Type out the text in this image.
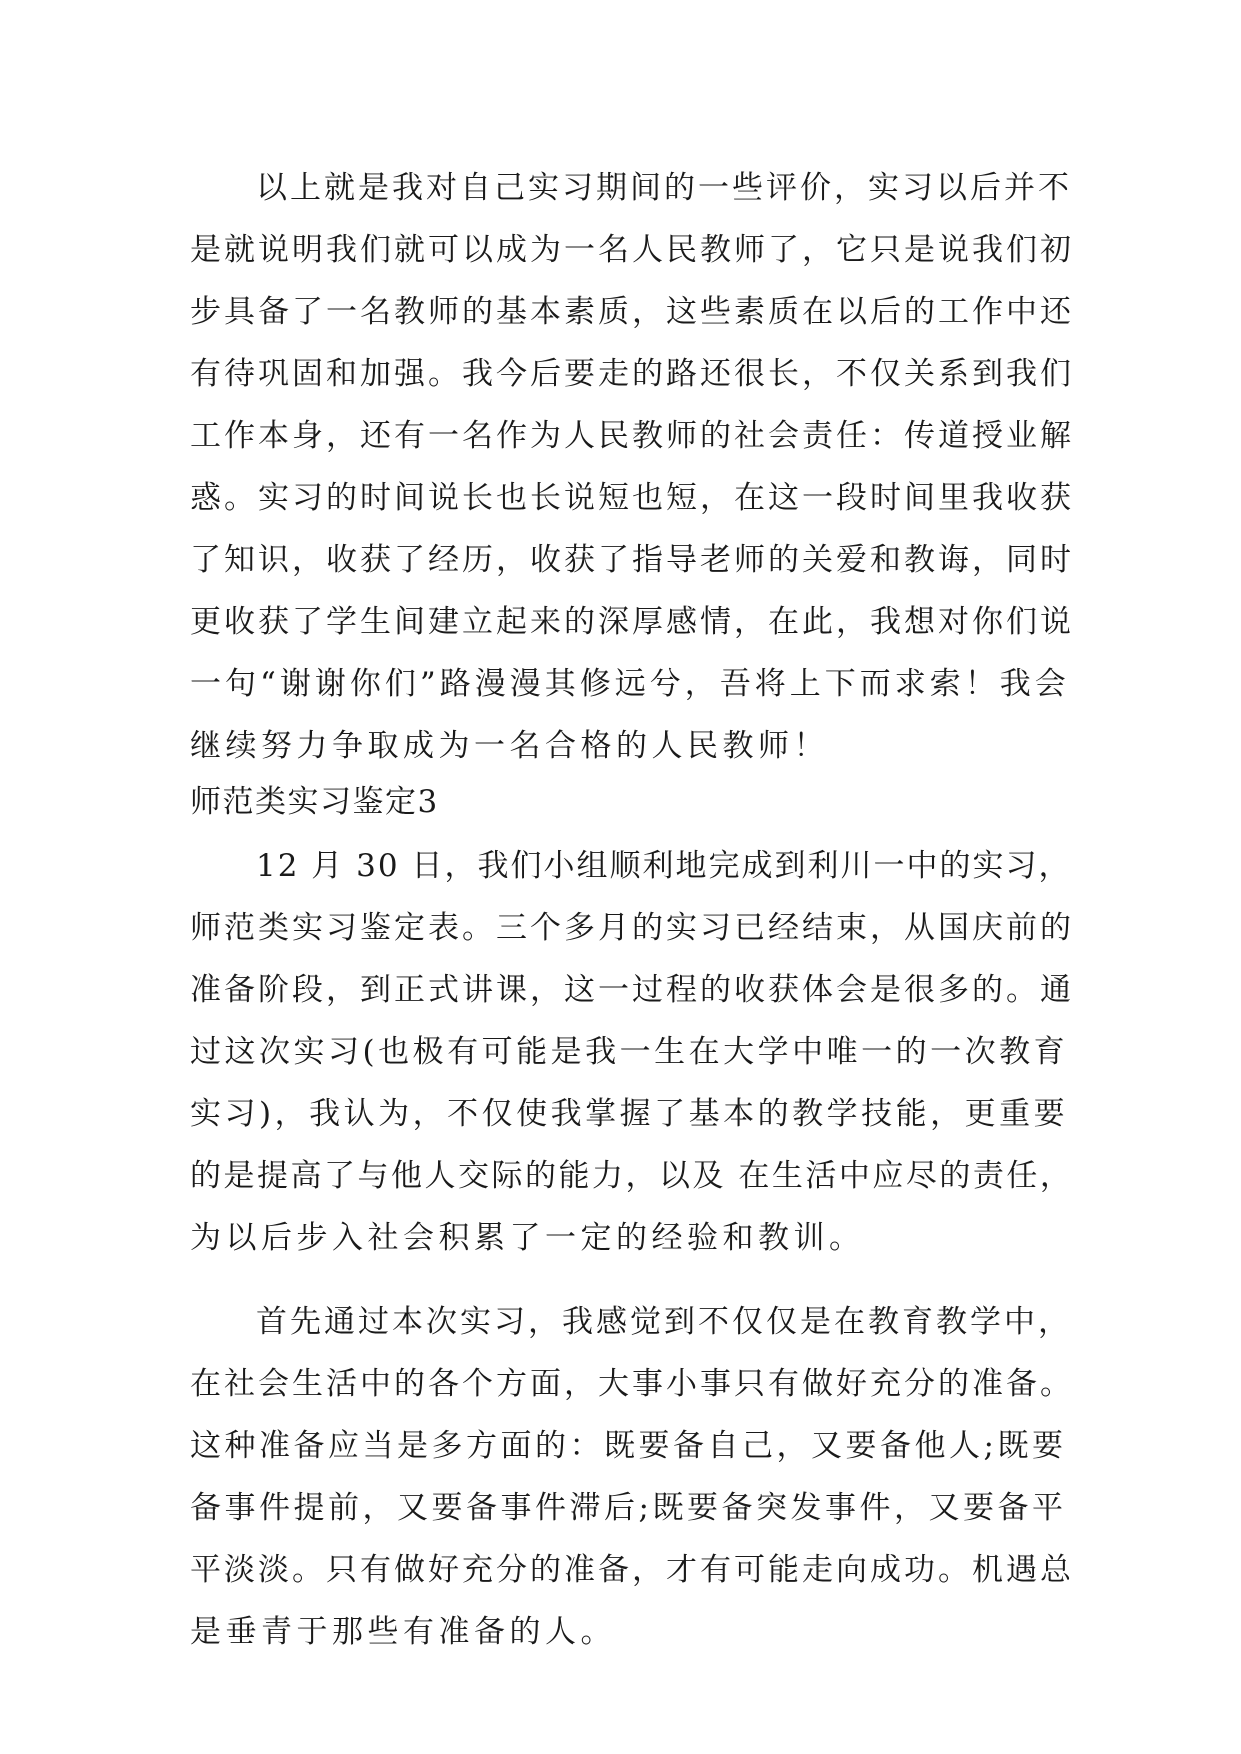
以上就是我对自己实习期间的一些评价，实习以后并不
是就说明我们就可以成为一名人民教师了，它只是说我们初
步具备了一名教师的基本素质，这些素质在以后的工作中还
有待巩固和加强。我今后要走的路还很长，不仅关系到我们
工作本身，还有一名作为人民教师的社会责任：传道授业解
惑。实习的时间说长也长说短也短，在这一段时间里我收获
了知识，收获了经历，收获了指导老师的关爱和教诲，同时
更收获了学生间建立起来的深厚感情，在此，我想对你们说
一句“谢谢你们”路漫漫其修远兮，吾将上下而求索！我会
继续努力争取成为一名合格的人民教师！
师范类实习鉴定3
12 月 30 日，我们小组顺利地完成到利川一中的实习，
师范类实习鉴定表。三个多月的实习已经结束，从国庆前的
准备阶段，到正式讲课，这一过程的收获体会是很多的。通
过这次实习(也极有可能是我一生在大学中唯一的一次教育
实习)，我认为，不仅使我掌握了基本的教学技能，更重要
的是提高了与他人交际的能力，以及 在生活中应尽的责任，
为以后步入社会积累了一定的经验和教训。
首先通过本次实习，我感觉到不仅仅是在教育教学中，
在社会生活中的各个方面，大事小事只有做好充分的准备。
这种准备应当是多方面的：既要备自己，又要备他人;既要
备事件提前，又要备事件滞后;既要备突发事件，又要备平
平淡淡。只有做好充分的准备，才有可能走向成功。机遇总
是垂青于那些有准备的人。
